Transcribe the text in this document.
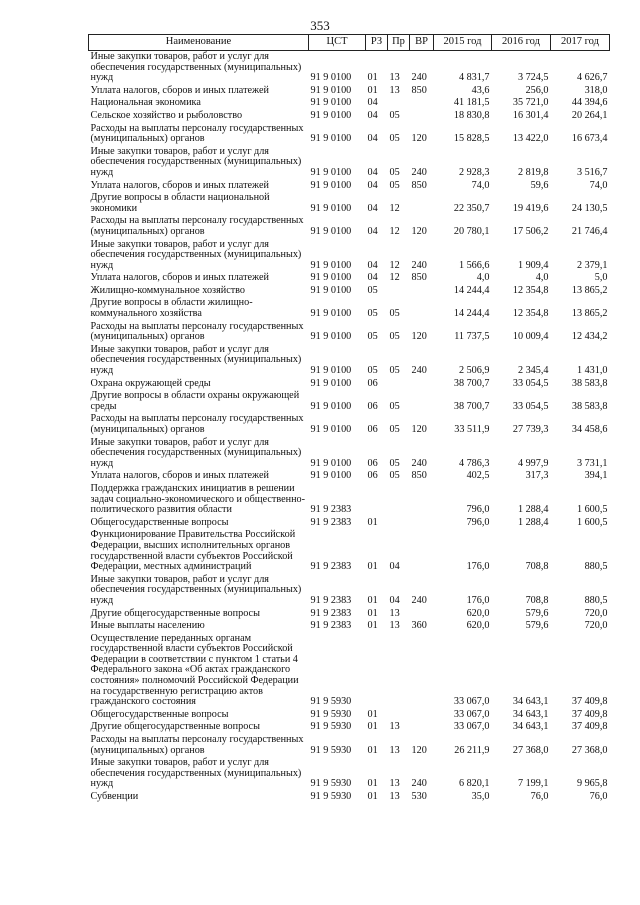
353
Наименование	ЦСТ	РЗ	Пр	ВР	2015 год	2016 год	2017 год
Иные закупки товаров, работ и услуг для обеспечения государственных (муниципальных) нужд	91 9 0100	01	13	240	4 831,7	3 724,5	4 626,7
Уплата налогов, сборов и иных платежей	91 9 0100	01	13	850	43,6	256,0	318,0
Национальная экономика	91 9 0100	04			41 181,5	35 721,0	44 394,6
Сельское хозяйство и рыболовство	91 9 0100	04	05		18 830,8	16 301,4	20 264,1
Расходы на выплаты персоналу государственных (муниципальных) органов	91 9 0100	04	05	120	15 828,5	13 422,0	16 673,4
Иные закупки товаров, работ и услуг для обеспечения государственных (муниципальных) нужд	91 9 0100	04	05	240	2 928,3	2 819,8	3 516,7
Уплата налогов, сборов и иных платежей	91 9 0100	04	05	850	74,0	59,6	74,0
Другие вопросы в области национальной экономики	91 9 0100	04	12		22 350,7	19 419,6	24 130,5
Расходы на выплаты персоналу государственных (муниципальных) органов	91 9 0100	04	12	120	20 780,1	17 506,2	21 746,4
Иные закупки товаров, работ и услуг для обеспечения государственных (муниципальных) нужд	91 9 0100	04	12	240	1 566,6	1 909,4	2 379,1
Уплата налогов, сборов и иных платежей	91 9 0100	04	12	850	4,0	4,0	5,0
Жилищно-коммунальное хозяйство	91 9 0100	05			14 244,4	12 354,8	13 865,2
Другие вопросы в области жилищно-коммунального хозяйства	91 9 0100	05	05		14 244,4	12 354,8	13 865,2
Расходы на выплаты персоналу государственных (муниципальных) органов	91 9 0100	05	05	120	11 737,5	10 009,4	12 434,2
Иные закупки товаров, работ и услуг для обеспечения государственных (муниципальных) нужд	91 9 0100	05	05	240	2 506,9	2 345,4	1 431,0
Охрана окружающей среды	91 9 0100	06			38 700,7	33 054,5	38 583,8
Другие вопросы в области охраны окружающей среды	91 9 0100	06	05		38 700,7	33 054,5	38 583,8
Расходы на выплаты персоналу государственных (муниципальных) органов	91 9 0100	06	05	120	33 511,9	27 739,3	34 458,6
Иные закупки товаров, работ и услуг для обеспечения государственных (муниципальных) нужд	91 9 0100	06	05	240	4 786,3	4 997,9	3 731,1
Уплата налогов, сборов и иных платежей	91 9 0100	06	05	850	402,5	317,3	394,1
Поддержка гражданских инициатив в решении задач социально-экономического и общественно-политического развития области	91 9 2383				796,0	1 288,4	1 600,5
Общегосударственные вопросы	91 9 2383	01			796,0	1 288,4	1 600,5
Функционирование Правительства Российской Федерации, высших исполнительных органов государственной власти субъектов Российской Федерации, местных администраций	91 9 2383	01	04		176,0	708,8	880,5
Иные закупки товаров, работ и услуг для обеспечения государственных (муниципальных) нужд	91 9 2383	01	04	240	176,0	708,8	880,5
Другие общегосударственные вопросы	91 9 2383	01	13		620,0	579,6	720,0
Иные выплаты населению	91 9 2383	01	13	360	620,0	579,6	720,0
Осуществление переданных органам государственной власти субъектов Российской Федерации в соответствии с пунктом 1 статьи 4 Федерального закона «Об актах гражданского состояния» полномочий Российской Федерации на государственную регистрацию актов гражданского состояния	91 9 5930				33 067,0	34 643,1	37 409,8
Общегосударственные вопросы	91 9 5930	01			33 067,0	34 643,1	37 409,8
Другие общегосударственные вопросы	91 9 5930	01	13		33 067,0	34 643,1	37 409,8
Расходы на выплаты персоналу государственных (муниципальных) органов	91 9 5930	01	13	120	26 211,9	27 368,0	27 368,0
Иные закупки товаров, работ и услуг для обеспечения государственных (муниципальных) нужд	91 9 5930	01	13	240	6 820,1	7 199,1	9 965,8
Субвенции	91 9 5930	01	13	530	35,0	76,0	76,0
